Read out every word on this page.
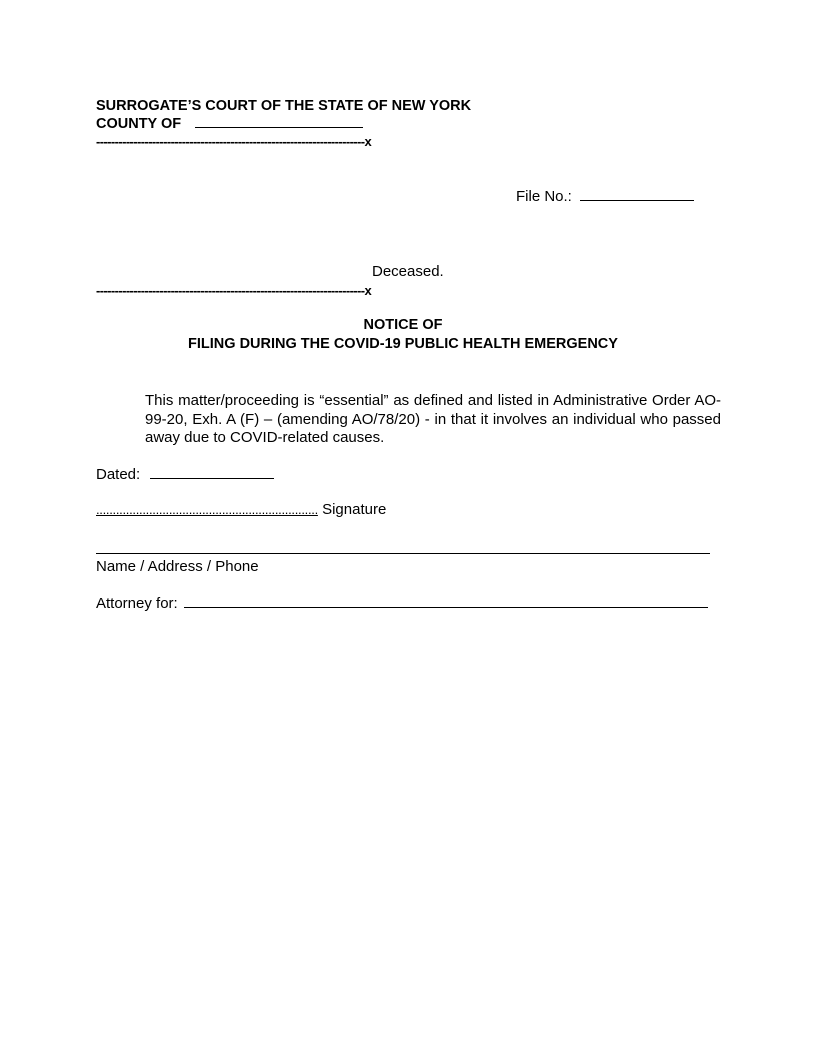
SURROGATE’S COURT OF THE STATE OF NEW YORK
COUNTY OF
------------------------------------------------------------------------x
File No.:
Deceased.
------------------------------------------------------------------------x
NOTICE OF
FILING DURING THE COVID-19 PUBLIC HEALTH EMERGENCY
This matter/proceeding is “essential” as defined and listed in Administrative Order AO-99-20, Exh. A (F) – (amending AO/78/20) - in that it involves an individual who passed away due to COVID-related causes.
Dated:
................................................................... Signature
Name / Address / Phone
Attorney for:
